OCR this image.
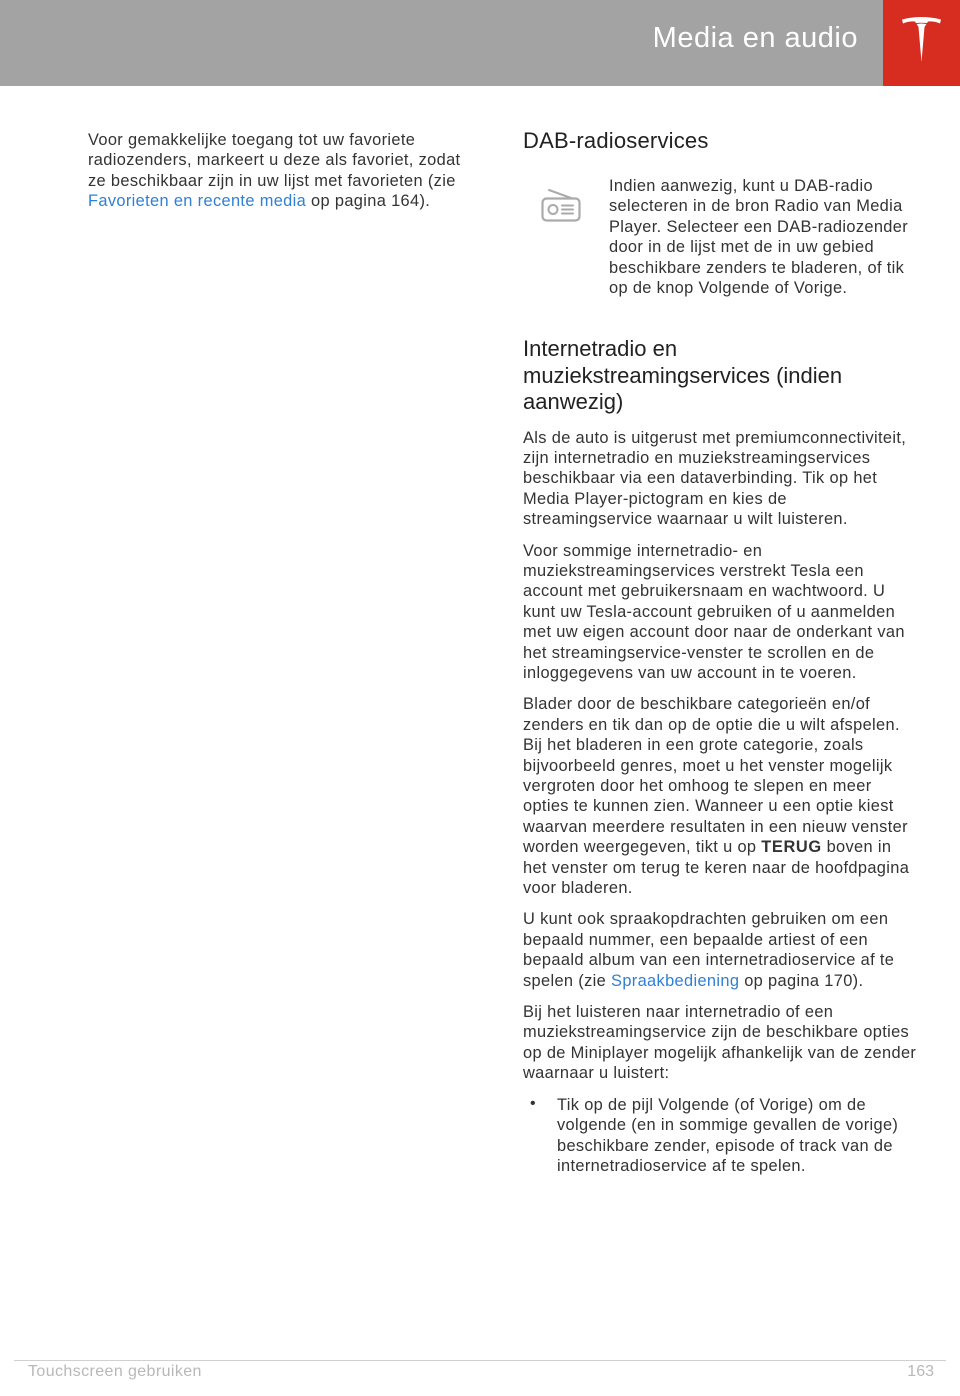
Media en audio

Voor gemakkelijke toegang tot uw favoriete radiozenders, markeert u deze als favoriet, zodat ze beschikbaar zijn in uw lijst met favorieten (zie Favorieten en recente media op pagina 164).

DAB-radioservices

Indien aanwezig, kunt u DAB-radio selecteren in de bron Radio van Media Player. Selecteer een DAB-radiozender door in de lijst met de in uw gebied beschikbare zenders te bladeren, of tik op de knop Volgende of Vorige.

Internetradio en muziekstreamingservices (indien aanwezig)

Als de auto is uitgerust met premiumconnectiviteit, zijn internetradio en muziekstreamingservices beschikbaar via een dataverbinding. Tik op het Media Player-pictogram en kies de streamingservice waarnaar u wilt luisteren.

Voor sommige internetradio- en muziekstreamingservices verstrekt Tesla een account met gebruikersnaam en wachtwoord. U kunt uw Tesla-account gebruiken of u aanmelden met uw eigen account door naar de onderkant van het streamingservice-venster te scrollen en de inloggegevens van uw account in te voeren.

Blader door de beschikbare categorieën en/of zenders en tik dan op de optie die u wilt afspelen. Bij het bladeren in een grote categorie, zoals bijvoorbeeld genres, moet u het venster mogelijk vergroten door het omhoog te slepen en meer opties te kunnen zien. Wanneer u een optie kiest waarvan meerdere resultaten in een nieuw venster worden weergegeven, tikt u op TERUG boven in het venster om terug te keren naar de hoofdpagina voor bladeren.

U kunt ook spraakopdrachten gebruiken om een bepaald nummer, een bepaalde artiest of een bepaald album van een internetradioservice af te spelen (zie Spraakbediening op pagina 170).

Bij het luisteren naar internetradio of een muziekstreamingservice zijn de beschikbare opties op de Miniplayer mogelijk afhankelijk van de zender waarnaar u luistert:

• Tik op de pijl Volgende (of Vorige) om de volgende (en in sommige gevallen de vorige) beschikbare zender, episode of track van de internetradioservice af te spelen.

Touchscreen gebruiken	163
